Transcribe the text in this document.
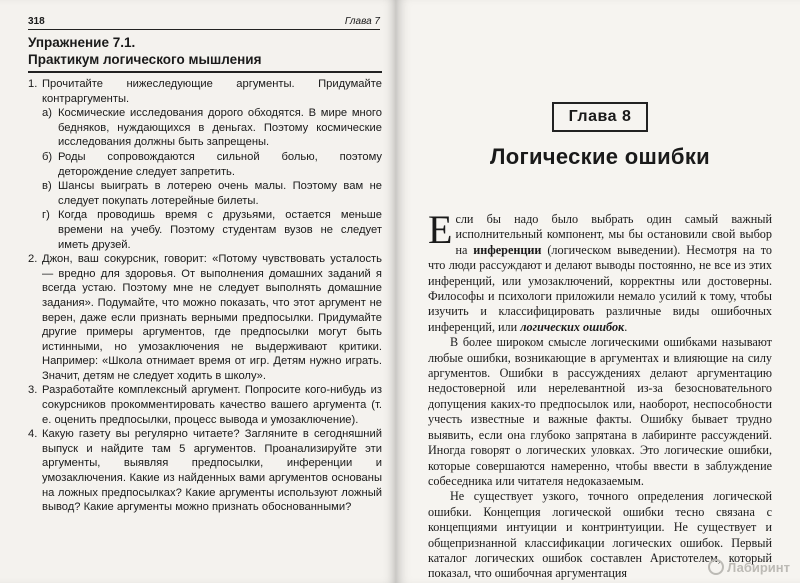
318	Глава 7
Упражнение 7.1.
Практикум логического мышления
1. Прочитайте нижеследующие аргументы. Придумайте контраргументы.
а) Космические исследования дорого обходятся. В мире много бедняков, нуждающихся в деньгах. Поэтому космические исследования должны быть запрещены.
б) Роды сопровождаются сильной болью, поэтому деторождение следует запретить.
в) Шансы выиграть в лотерею очень малы. Поэтому вам не следует покупать лотерейные билеты.
г) Когда проводишь время с друзьями, остается меньше времени на учебу. Поэтому студентам вузов не следует иметь друзей.
2. Джон, ваш сокурсник, говорит: «Потому чувствовать усталость — вредно для здоровья. От выполнения домашних заданий я всегда устаю. Поэтому мне не следует выполнять домашние задания». Подумайте, что можно показать, что этот аргумент не верен, даже если признать верными предпосылки. Придумайте другие примеры аргументов, где предпосылки могут быть истинными, но умозаключения не выдерживают критики. Например: «Школа отнимает время от игр. Детям нужно играть. Значит, детям не следует ходить в школу».
3. Разработайте комплексный аргумент. Попросите кого-нибудь из сокурсников прокомментировать качество вашего аргумента (т. е. оценить предпосылки, процесс вывода и умозаключение).
4. Какую газету вы регулярно читаете? Загляните в сегодняшний выпуск и найдите там 5 аргументов. Проанализируйте эти аргументы, выявляя предпосылки, инференции и умозаключения. Какие из найденных вами аргументов основаны на ложных предпосылках? Какие аргументы используют ложный вывод? Какие аргументы можно признать обоснованными?
Глава 8
Логические ошибки

Если бы надо было выбрать один самый важный исполнительный компонент, мы бы остановили свой выбор на инференции (логическом выведении). Несмотря на то что люди рассуждают и делают выводы постоянно, не все из этих инференций, или умозаключений, корректны или достоверны. Философы и психологи приложили немало усилий к тому, чтобы изучить и классифицировать различные виды ошибочных инференций, или логических ошибок.

В более широком смысле логическими ошибками называют любые ошибки, возникающие в аргументах и влияющие на силу аргументов. Ошибки в рассуждениях делают аргументацию недостоверной или нерелевантной из-за безосновательного допущения каких-то предпосылок или, наоборот, неспособности учесть известные и важные факты. Ошибку бывает трудно выявить, если она глубоко запрятана в лабиринте рассуждений. Иногда говорят о логических уловках. Это логические ошибки, которые совершаются намеренно, чтобы ввести в заблуждение собеседника или читателя недоказаемым.

Не существует узкого, точного определения логической ошибки. Концепция логической ошибки тесно связана с концепциями интуиции и контринтуиции. Не существует и общепризнанной классификации логических ошибок. Первый каталог логических ошибок составлен Аристотелем, который показал, что ошибочная аргументация	Лабиринт
